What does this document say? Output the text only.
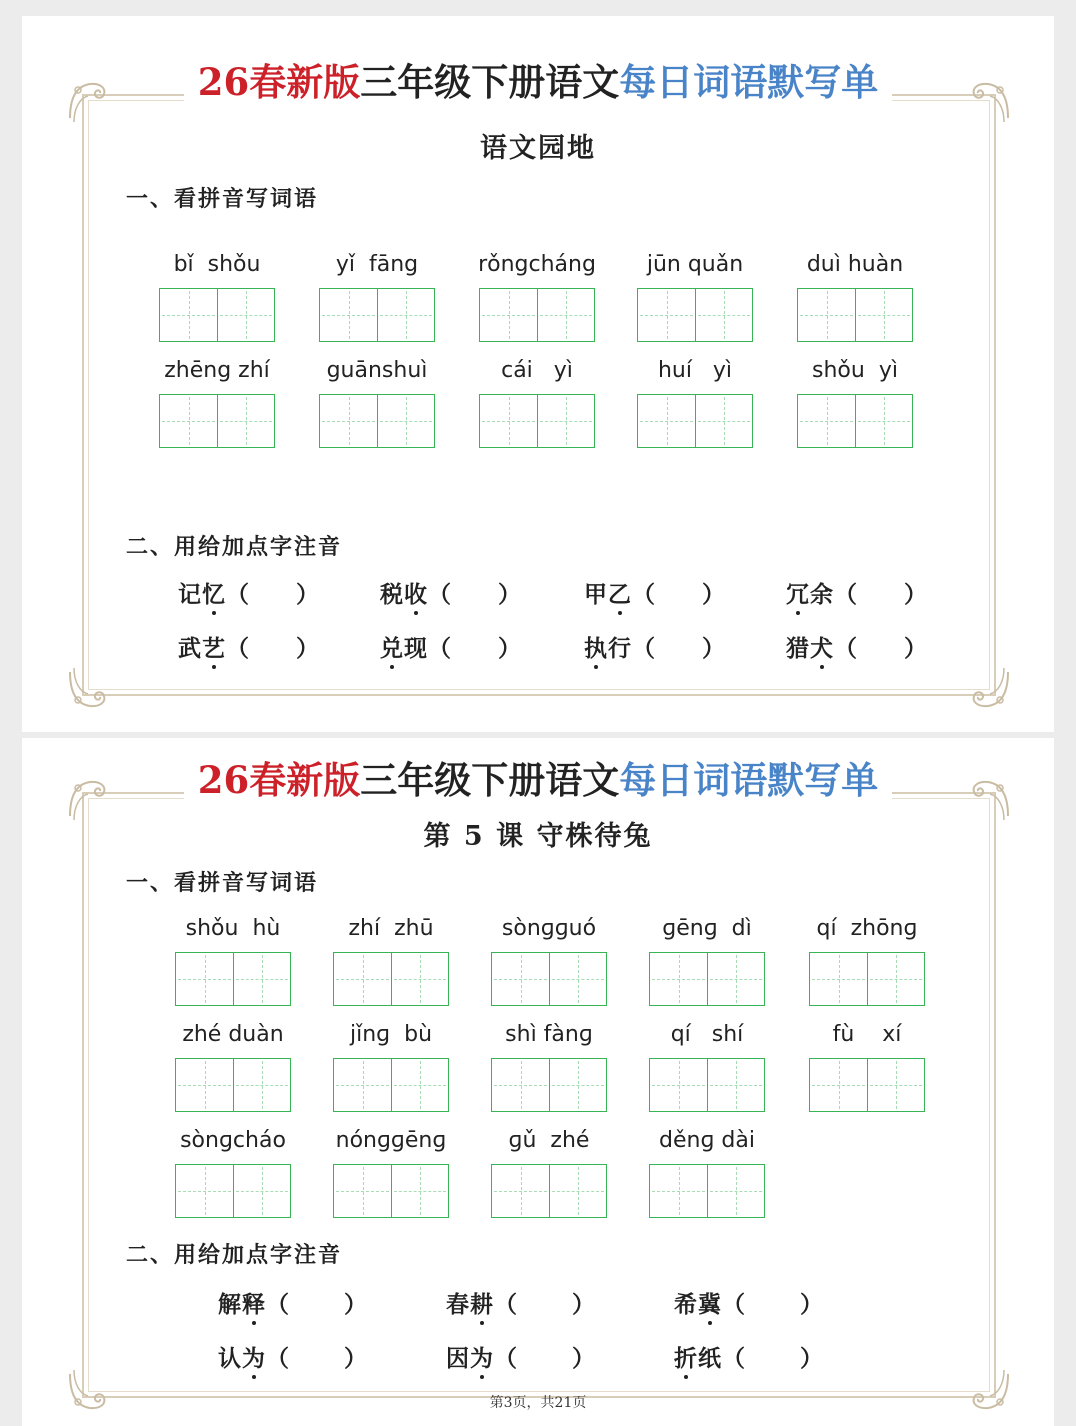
26春新版三年级下册语文每日词语默写单
语文园地
一、看拼音写词语
bǐ  shǒu	yǐ  fāng	rǒngcháng	jūn quǎn	duì huàn
zhēng zhí	guānshuì	cái   yì	huí   yì	shǒu  yì
二、用给加点字注音
记忆（ ）	税收（ ）	甲乙（ ）	冗余（ ）
武艺（ ）	兑现（ ）	执行（ ）	猎犬（ ）
26春新版三年级下册语文每日词语默写单
第 5 课 守株待兔
一、看拼音写词语
shǒu  hù	zhí  zhū	sònɡɡuó	ɡēnɡ  dì	qí  zhōnɡ
zhé duàn	jǐnɡ  bù	shì fànɡ	qí   shí	fù    xí
sònɡcháo	nónɡɡēnɡ	ɡǔ  zhé	děnɡ dài
二、用给加点字注音
解释（ ）	春耕（ ）	希冀（ ）
认为（ ）	因为（ ）	折纸（ ）
第3页，共21页
